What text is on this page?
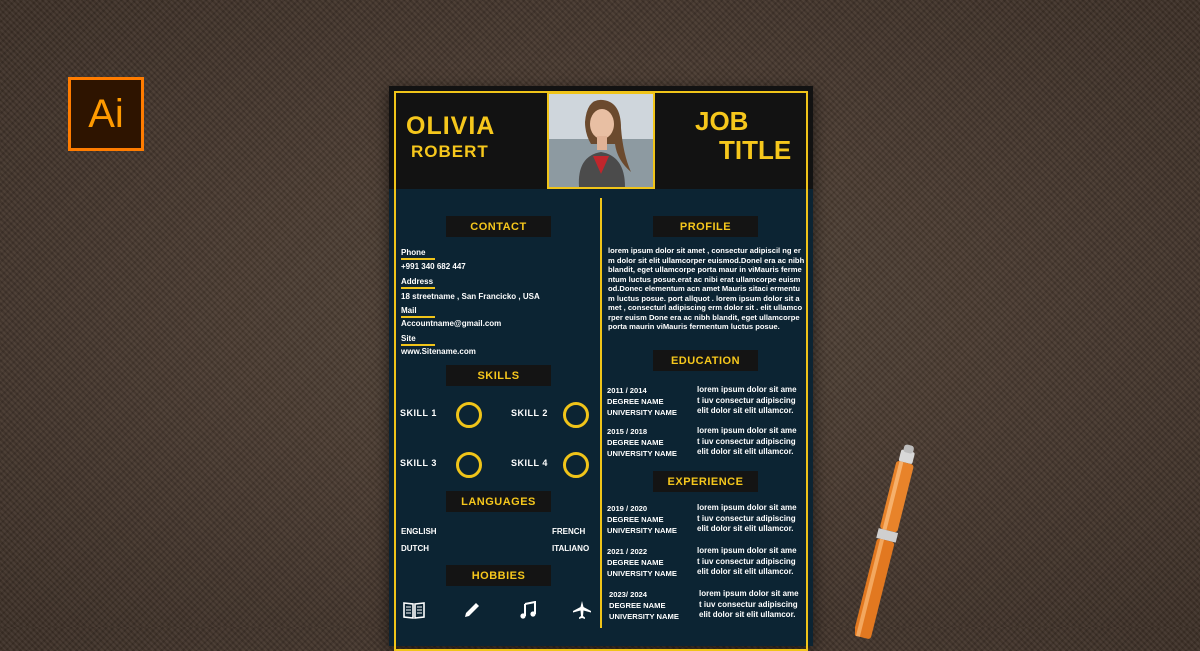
Ai	OLIVIA
ROBERT
JOB
TITLE
CONTACT
Phone
+991 340 682 447
Address
18 streetname , San Francicko , USA
Mail
Accountname@gmail.com
Site
www.Sitename.com
SKILLS
SKILL 1	SKILL 2
SKILL 3	SKILL 4
LANGUAGES
ENGLISH	FRENCH
DUTCH	ITALIANO
HOBBIES
PROFILE
lorem ipsum dolor sit amet , consectur adipiscil ng erm dolor sit elit ullamcorper euismod.Donel era ac nibh blandit, eget ullamcorpe porta maur in viMauris fermentum luctus posue.erat ac nibi erat ullamcorpe euismod.Donec elementum acn amet Mauris sitaci ermentum luctus posue. port allquot . lorem ipsum dolor sit amet , consecturl adipiscing erm dolor sit . elit ullamcorper euism Done era ac nibh blandit, eget ullamcorpe porta maurin viMauris fermentum luctus posue.
EDUCATION
2011 / 2014
DEGREE NAME
UNIVERSITY NAME
lorem ipsum dolor sit ame
t iuv consectur adipiscing
elit dolor sit elit ullamcor.
2015 / 2018
DEGREE NAME
UNIVERSITY NAME
lorem ipsum dolor sit ame
t iuv consectur adipiscing
elit dolor sit elit ullamcor.
EXPERIENCE
2019 / 2020
DEGREE NAME
UNIVERSITY NAME
lorem ipsum dolor sit ame
t iuv consectur adipiscing
elit dolor sit elit ullamcor.
2021 / 2022
DEGREE NAME
UNIVERSITY NAME
lorem ipsum dolor sit ame
t iuv consectur adipiscing
elit dolor sit elit ullamcor.
2023/ 2024
DEGREE NAME
UNIVERSITY NAME
lorem ipsum dolor sit ame
t iuv consectur adipiscing
elit dolor sit elit ullamcor.
